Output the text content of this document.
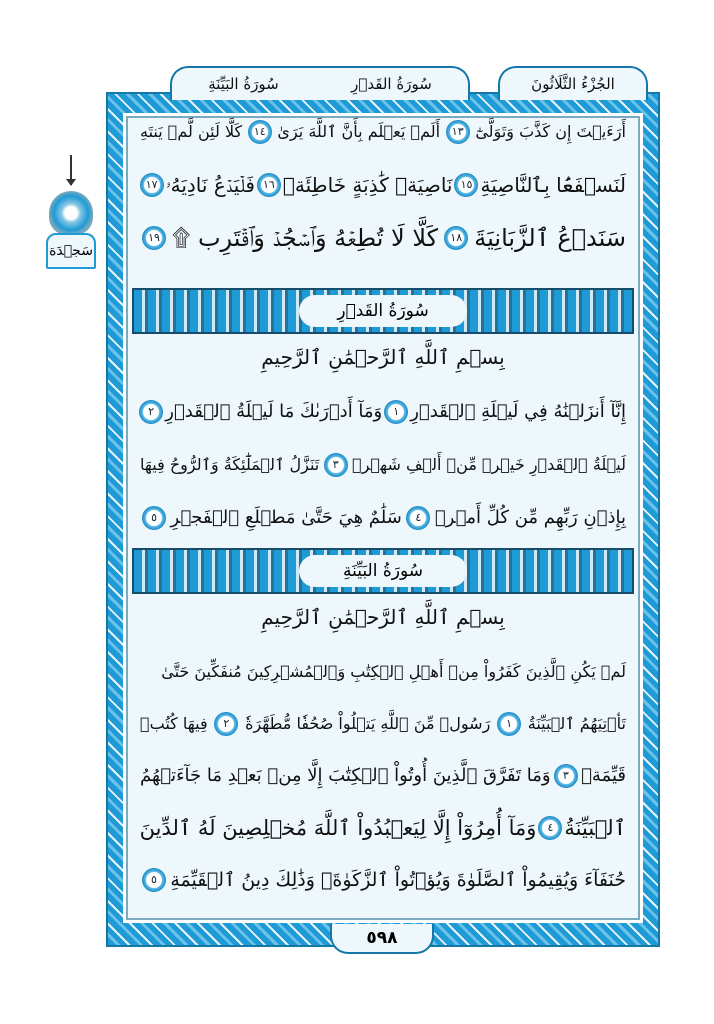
الجُزْءُ الثَّلَاثُونَ
سُورَةُ القَدۡرِ
سُورَةُ البَيِّنَةِ
سَجۡدَة
سُورَةُ القَدۡرِ
بِسۡمِ ٱللَّهِ ٱلرَّحۡمَٰنِ ٱلرَّحِيمِ
سُورَةُ البَيِّنَةِ
بِسۡمِ ٱللَّهِ ٱلرَّحۡمَٰنِ ٱلرَّحِيمِ
أَرَءَيۡتَ إِن كَذَّبَ وَتَوَلَّىٰٓ
١٣
أَلَمۡ يَعۡلَم بِأَنَّ ٱللَّهَ يَرَىٰ
١٤
كَلَّا لَئِن لَّمۡ يَنتَهِ
لَنَسۡفَعَۢا بِٱلنَّاصِيَةِ
١٥
نَاصِيَةٖ كَٰذِبَةٍ خَاطِئَةٖ
١٦
فَلۡيَدۡعُ نَادِيَهُۥ
١٧
سَنَدۡعُ ٱلزَّبَانِيَةَ
١٨
كَلَّا لَا تُطِعۡهُ وَٱسۡجُدۡ وَٱقۡتَرِب ۩
١٩
إِنَّآ أَنزَلۡنَٰهُ فِي لَيۡلَةِ ٱلۡقَدۡرِ
١
وَمَآ أَدۡرَىٰكَ مَا لَيۡلَةُ ٱلۡقَدۡرِ
٢
لَيۡلَةُ ٱلۡقَدۡرِ خَيۡرٞ مِّنۡ أَلۡفِ شَهۡرٖ
٣
تَنَزَّلُ ٱلۡمَلَٰٓئِكَةُ وَٱلرُّوحُ فِيهَا
بِإِذۡنِ رَبِّهِم مِّن كُلِّ أَمۡرٖ
٤
سَلَٰمٌ هِيَ حَتَّىٰ مَطۡلَعِ ٱلۡفَجۡرِ
٥
لَمۡ يَكُنِ ٱلَّذِينَ كَفَرُواْ مِنۡ أَهۡلِ ٱلۡكِتَٰبِ وَٱلۡمُشۡرِكِينَ مُنفَكِّينَ حَتَّىٰ
تَأۡتِيَهُمُ ٱلۡبَيِّنَةُ
١
رَسُولٞ مِّنَ ٱللَّهِ يَتۡلُواْ صُحُفٗا مُّطَهَّرَةٗ
٢
فِيهَا كُتُبٞ
قَيِّمَةٞ
٣
وَمَا تَفَرَّقَ ٱلَّذِينَ أُوتُواْ ٱلۡكِتَٰبَ إِلَّا مِنۢ بَعۡدِ مَا جَآءَتۡهُمُ
ٱلۡبَيِّنَةُ
٤
وَمَآ أُمِرُوٓاْ إِلَّا لِيَعۡبُدُواْ ٱللَّهَ مُخۡلِصِينَ لَهُ ٱلدِّينَ
حُنَفَآءَ وَيُقِيمُواْ ٱلصَّلَوٰةَ وَيُؤۡتُواْ ٱلزَّكَوٰةَۚ وَذَٰلِكَ دِينُ ٱلۡقَيِّمَةِ
٥
٥٩٨
